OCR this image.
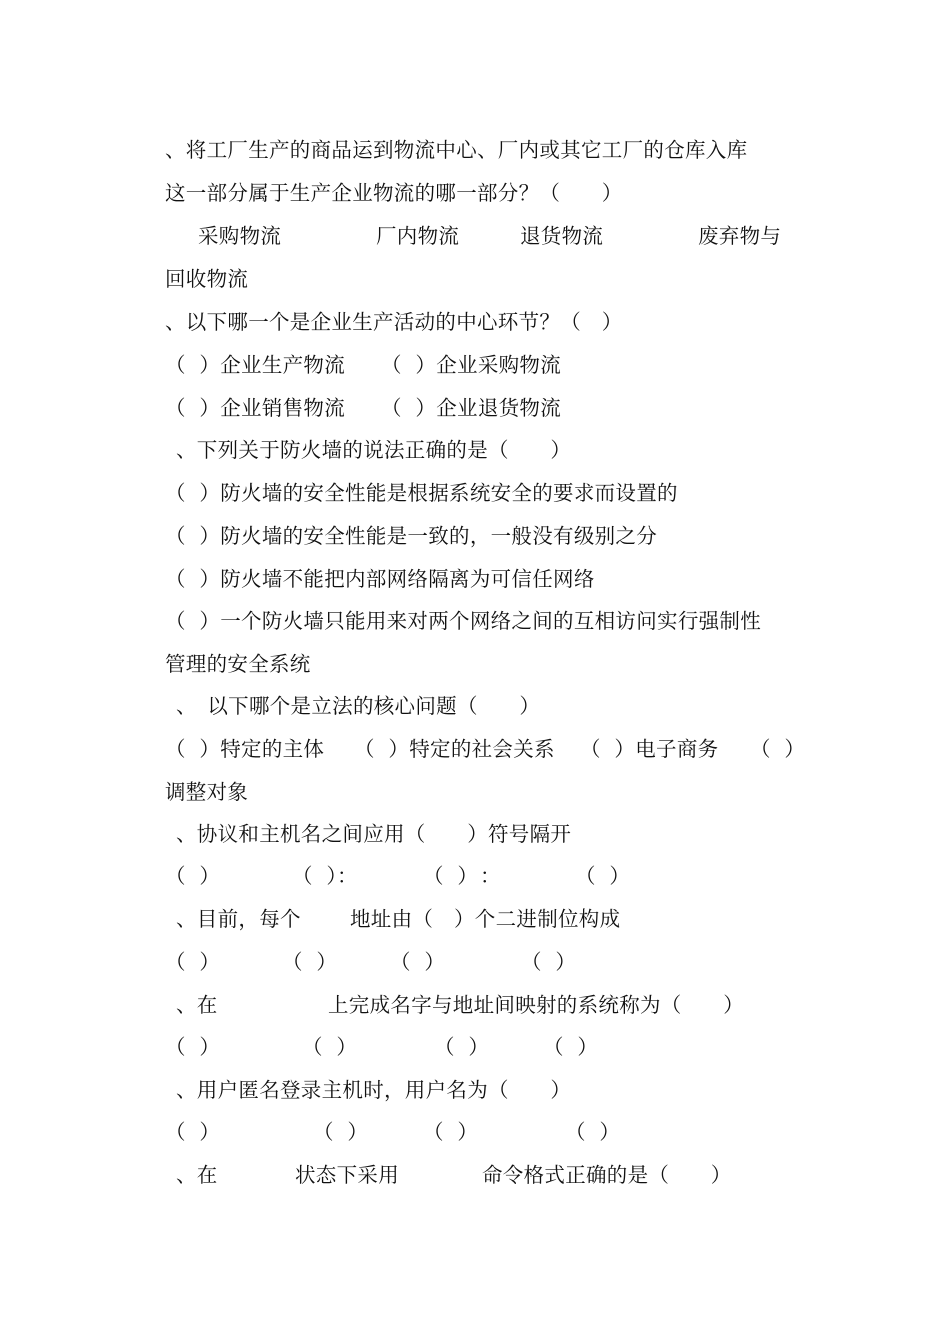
、将工厂生产的商品运到物流中心、厂内或其它工厂的仓库入库
这一部分属于生产企业物流的哪一部分？（　　）
采购物流	厂内物流	退货物流	废弃物与
回收物流
、以下哪一个是企业生产活动的中心环节？（　）
（  ）企业生产物流 （  ）企业采购物流
（  ）企业销售物流 （  ）企业退货物流
、下列关于防火墙的说法正确的是（　　）
（  ）防火墙的安全性能是根据系统安全的要求而设置的
（  ）防火墙的安全性能是一致的，一般没有级别之分
（  ）防火墙不能把内部网络隔离为可信任网络
（  ）一个防火墙只能用来对两个网络之间的互相访问实行强制性
管理的安全系统
、　以下哪个是立法的核心问题（　　）
（  ）特定的主体 （  ）特定的社会关系 （  ）电子商务 （  ）
调整对象
、协议和主机名之间应用（　　）符号隔开
（  ）	（  ）：	（  ） ：	（  ）
、目前，每个 地址由（　）个二进制位构成
（  ）	（  ）	（  ）	（  ）
、在	上完成名字与地址间映射的系统称为（　　）
（  ）	（  ）	（  ）	（  ）
、用户匿名登录主机时，用户名为（　　）
（  ）	（  ）	（  ）	（  ）
、在	状态下采用	命令格式正确的是（　　）
